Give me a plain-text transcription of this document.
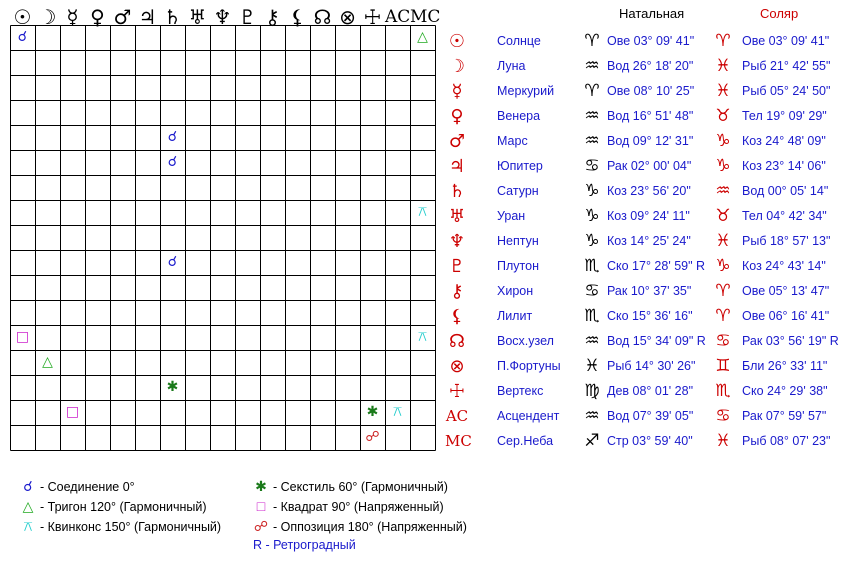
☉ ☽ ☿ ♀ ♂ ♃ ♄ ♅ ♆ ♇ ⚷ ⚸ ☊ ⊗ ☩ AC MC
☌	△
☌
☌
⚻
☌
□	⚻
△
✱
□	✱	⚻
☍
Натальная	Соляр
☉	Солнце	♈ Ове 03° 09' 41" ♈ Ове 03° 09' 41"
☽	Луна	♒ Вод 26° 18' 20" ♓ Рыб 21° 42' 55"
☿	Меркурий ♈ Ове 08° 10' 25" ♓ Рыб 05° 24' 50"
♀	Венера	♒ Вод 16° 51' 48" ♉ Тел 19° 09' 29"
♂	Марс	♒ Вод 09° 12' 31" ♑ Коз 24° 48' 09"
♃	Юпитер ♋ Рак 02° 00' 04" ♑ Коз 23° 14' 06"
♄	Сатурн	♑ Коз 23° 56' 20" ♒ Вод 00° 05' 14"
♅	Уран	♑ Коз 09° 24' 11" ♉ Тел 04° 42' 34"
♆	Нептун	♑ Коз 14° 25' 24" ♓ Рыб 18° 57' 13"
♇	Плутон	♏ Ско 17° 28' 59" R ♑ Коз 24° 43' 14"
⚷	Хирон	♋ Рак 10° 37' 35" ♈ Ове 05° 13' 47"
⚸	Лилит	♏ Ско 15° 36' 16" ♈ Ове 06° 16' 41"
☊	Восх.узел ♒ Вод 15° 34' 09" R ♋ Рак 03° 56' 19" R
⊗	П.Фортуны ♓ Рыб 14° 30' 26" ♊ Бли 26° 33' 11"
☩	Вертекс ♍ Дев 08° 01' 28" ♏ Ско 24° 29' 38"
AC Асцендент ♒ Вод 07° 39' 05" ♋ Рак 07° 59' 57"
MC Сер.Неба ♐ Стр 03° 59' 40" ♓ Рыб 08° 07' 23"
☌ - Соединение 0°
△ - Тригон 120° (Гармоничный)
⚻ - Квинконс 150° (Гармоничный)
✱ - Секстиль 60° (Гармоничный)
□ - Квадрат 90° (Напряженный)
☍ - Оппозиция 180° (Напряженный)
R - Ретроградный
